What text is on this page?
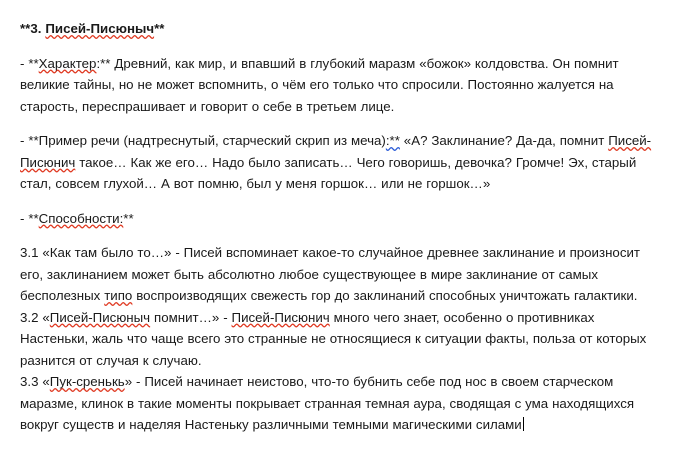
**3. Писей-Писюныч**

- **Характер:** Древний, как мир, и впавший в глубокий маразм «божок» колдовства. Он помнит великие тайны, но не может вспомнить, о чём его только что спросили. Постоянно жалуется на старость, переспрашивает и говорит о себе в третьем лице.

- **Пример речи (надтреснутый, старческий скрип из меча):** «А? Заклинание? Да-да, помнит Писей-Писюнич такое… Как же его… Надо было записать… Чего говоришь, девочка? Громче! Эх, старый стал, совсем глухой… А вот помню, был у меня горшок… или не горшок…»

- **Способности:**

3.1 «Как там было то…» - Писей вспоминает какое-то случайное древнее заклинание и произносит его, заклинанием может быть абсолютно любое существующее в мире заклинание от самых бесполезных типо воспроизводящих свежесть гор до заклинаний способных уничтожать галактики.

3.2 «Писей-Писюныч помнит…» - Писей-Писюнич много чего знает, особенно о противниках Настеньки, жаль что чаще всего это странные не относящиеся к ситуации факты, польза от которых разнится от случая к случаю.

3.3 «Пук-сренькь» - Писей начинает неистово, что-то бубнить себе под нос в своем старческом маразме, клинок в такие моменты покрывает странная темная аура, сводящая с ума находящихся вокруг существ и наделяя Настеньку различными темными магическими силами
